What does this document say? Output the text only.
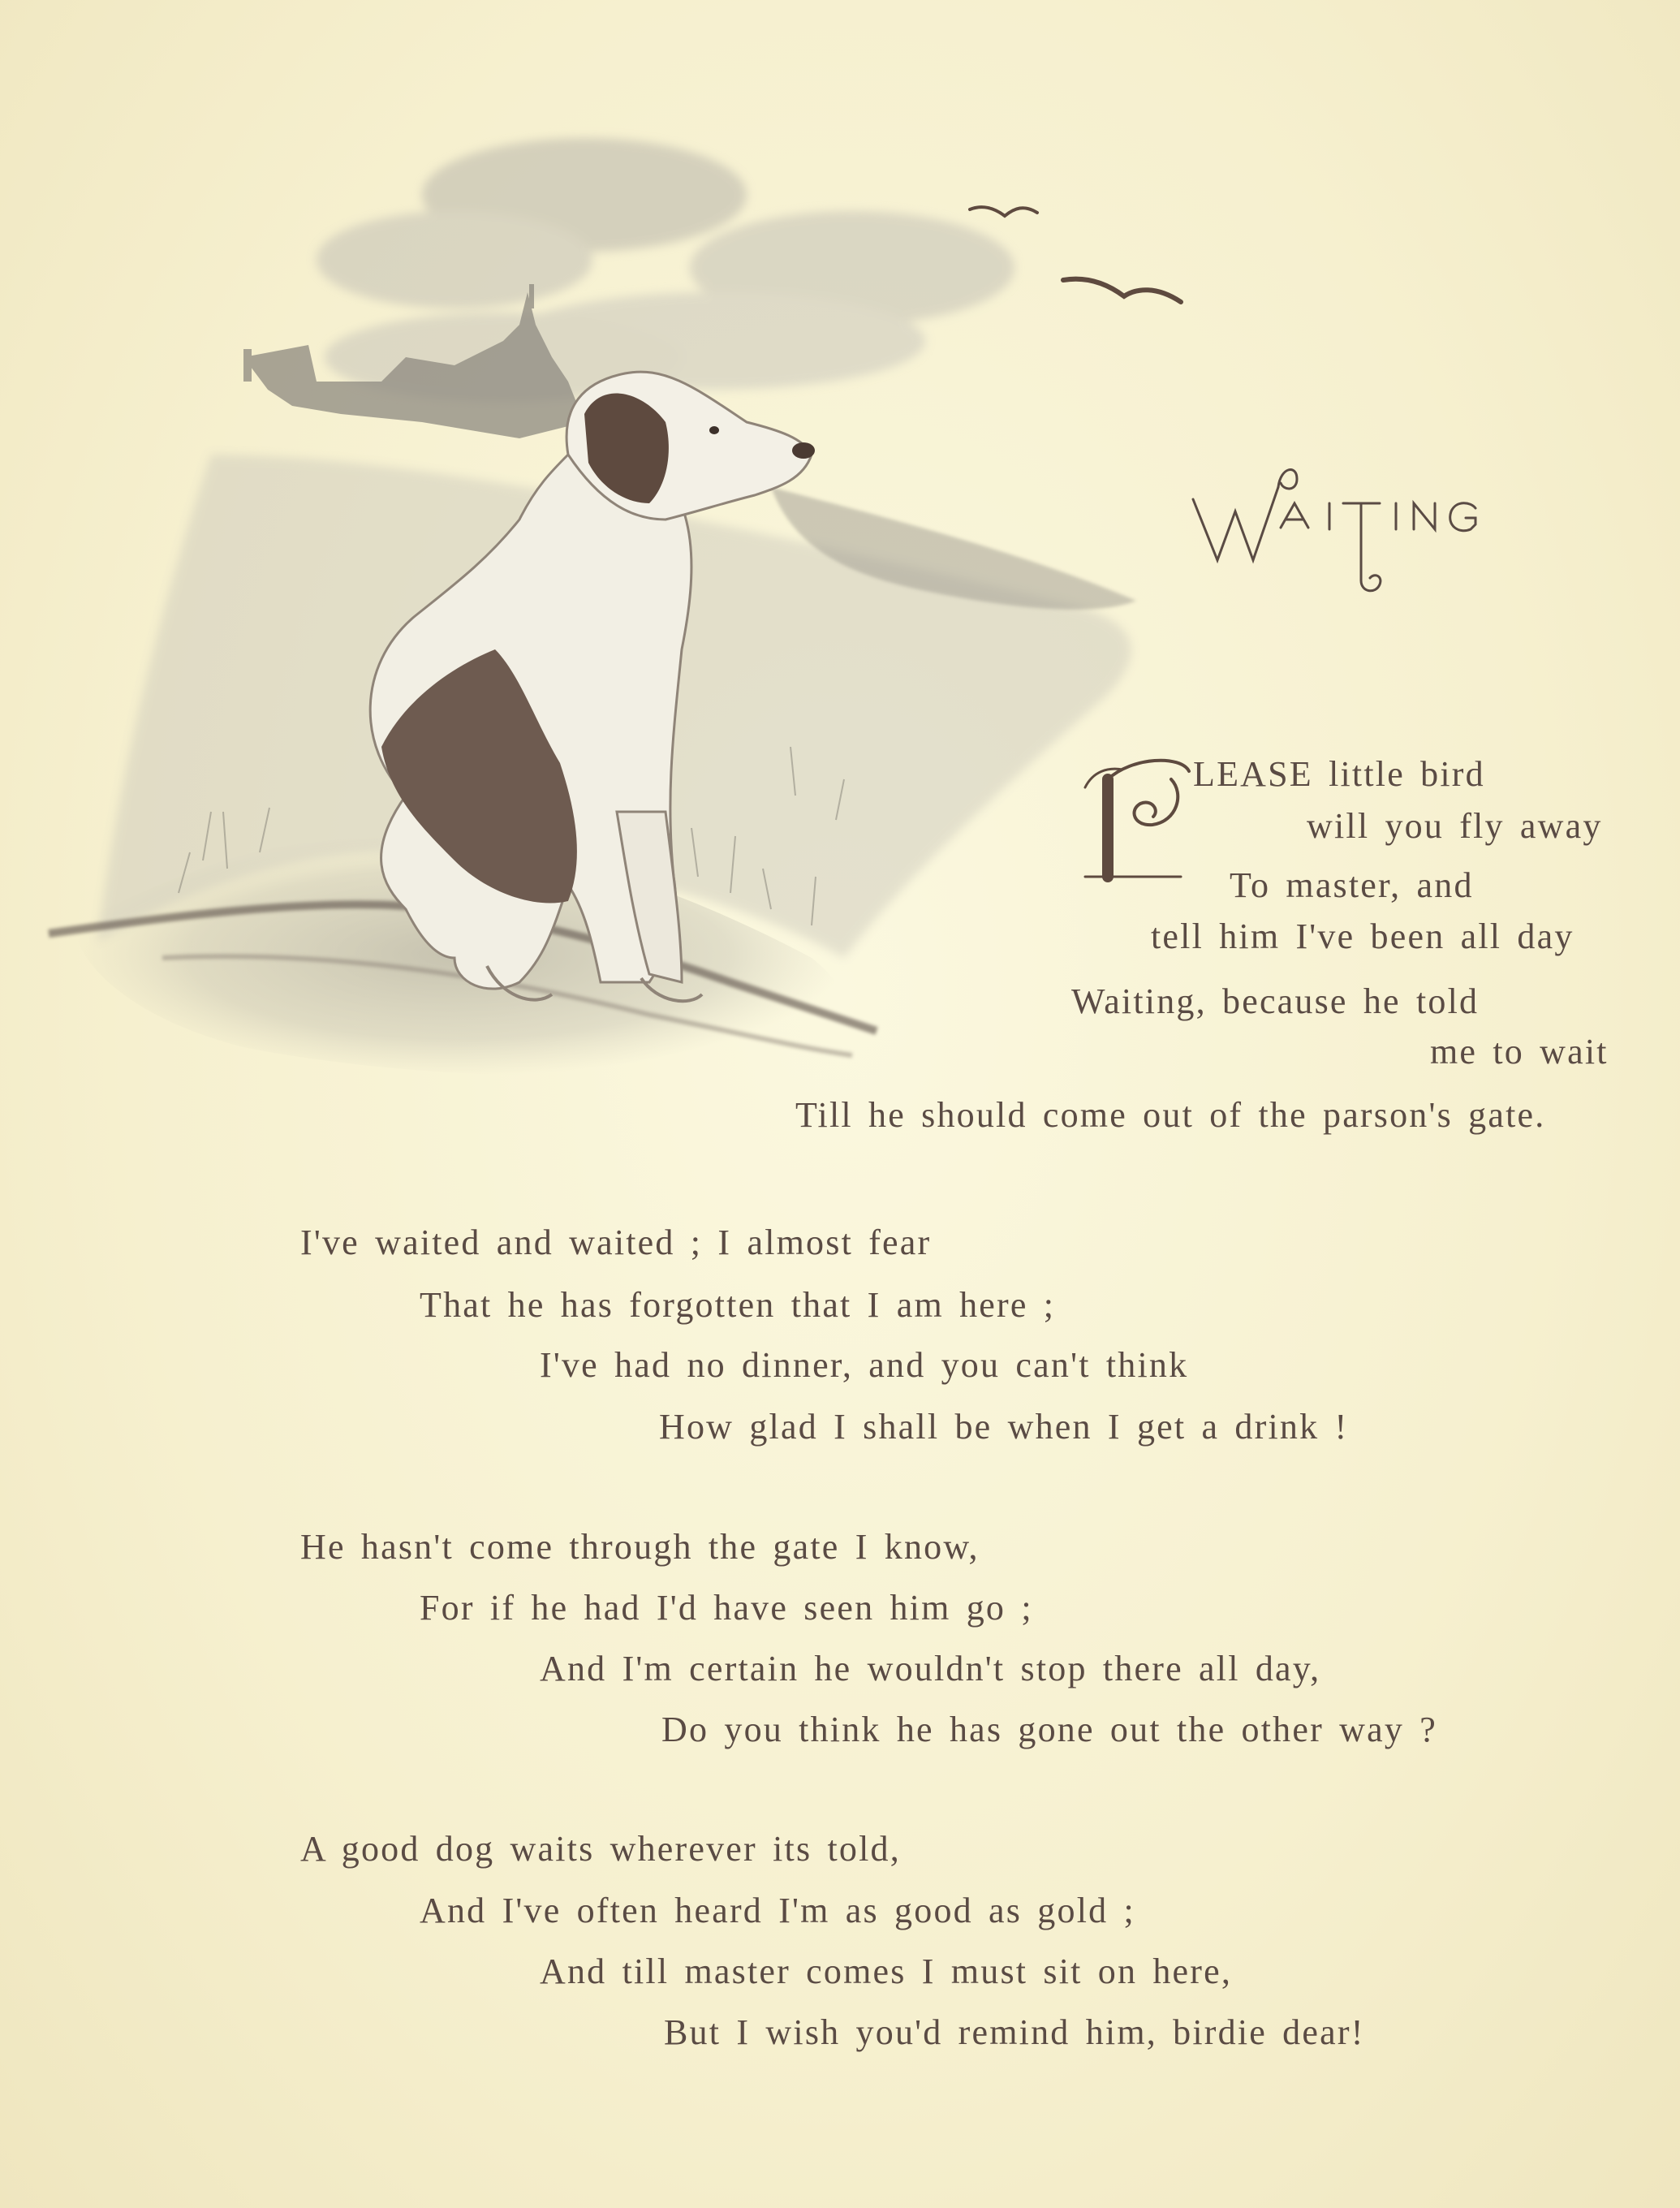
LEASE little bird
will you fly away
To master, and
tell him I've been all day
Waiting, because he told
me to wait
Till he should come out of the parson's gate.
I've waited and waited ; I almost fear
That he has forgotten that I am here ;
I've had no dinner, and you can't think
How glad I shall be when I get a drink !
He hasn't come through the gate I know,
For if he had I'd have seen him go ;
And I'm certain he wouldn't stop there all day,
Do you think he has gone out the other way ?
A good dog waits wherever its told,
And I've often heard I'm as good as gold ;
And till master comes I must sit on here,
But I wish you'd remind him, birdie dear!
